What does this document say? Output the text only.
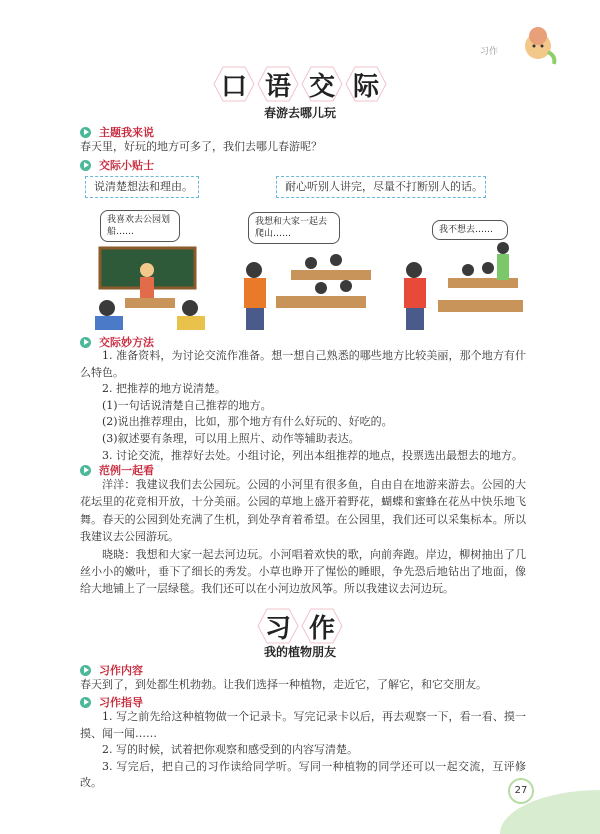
习作
口 语 交 际
春游去哪儿玩
主题我来说
春天里，好玩的地方可多了，我们去哪儿春游呢？
交际小贴士
说清楚想法和理由。	耐心听别人讲完，尽量不打断别人的话。
我喜欢去公园划船……
我想和大家一起去爬山……	我不想去……
交际妙方法
1. 准备资料，为讨论交流作准备。想一想自己熟悉的哪些地方比较美丽，那个地方有什么特色。
2. 把推荐的地方说清楚。
(1)一句话说清楚自己推荐的地方。
(2)说出推荐理由，比如，那个地方有什么好玩的、好吃的。
(3)叙述要有条理，可以用上照片、动作等辅助表达。
3. 讨论交流，推荐好去处。小组讨论，列出本组推荐的地点，投票选出最想去的地方。
范例一起看
洋洋：我建议我们去公园玩。公园的小河里有很多鱼，自由自在地游来游去。公园的大花坛里的花竞相开放，十分美丽。公园的草地上盛开着野花，蝴蝶和蜜蜂在花丛中快乐地飞舞。春天的公园到处充满了生机，到处孕育着希望。在公园里，我们还可以采集标本。所以我建议去公园游玩。
晓晓：我想和大家一起去河边玩。小河唱着欢快的歌，向前奔跑。岸边，柳树抽出了几丝小小的嫩叶，垂下了细长的秀发。小草也睁开了惺忪的睡眼，争先恐后地钻出了地面，像给大地铺上了一层绿毯。我们还可以在小河边放风筝。所以我建议去河边玩。
习 作
我的植物朋友
习作内容
春天到了，到处都生机勃勃。让我们选择一种植物，走近它，了解它，和它交朋友。
习作指导
1. 写之前先给这种植物做一个记录卡。写完记录卡以后，再去观察一下，看一看、摸一摸、闻一闻……
2. 写的时候，试着把你观察和感受到的内容写清楚。
3. 写完后，把自己的习作读给同学听。写同一种植物的同学还可以一起交流，互评修改。
27
